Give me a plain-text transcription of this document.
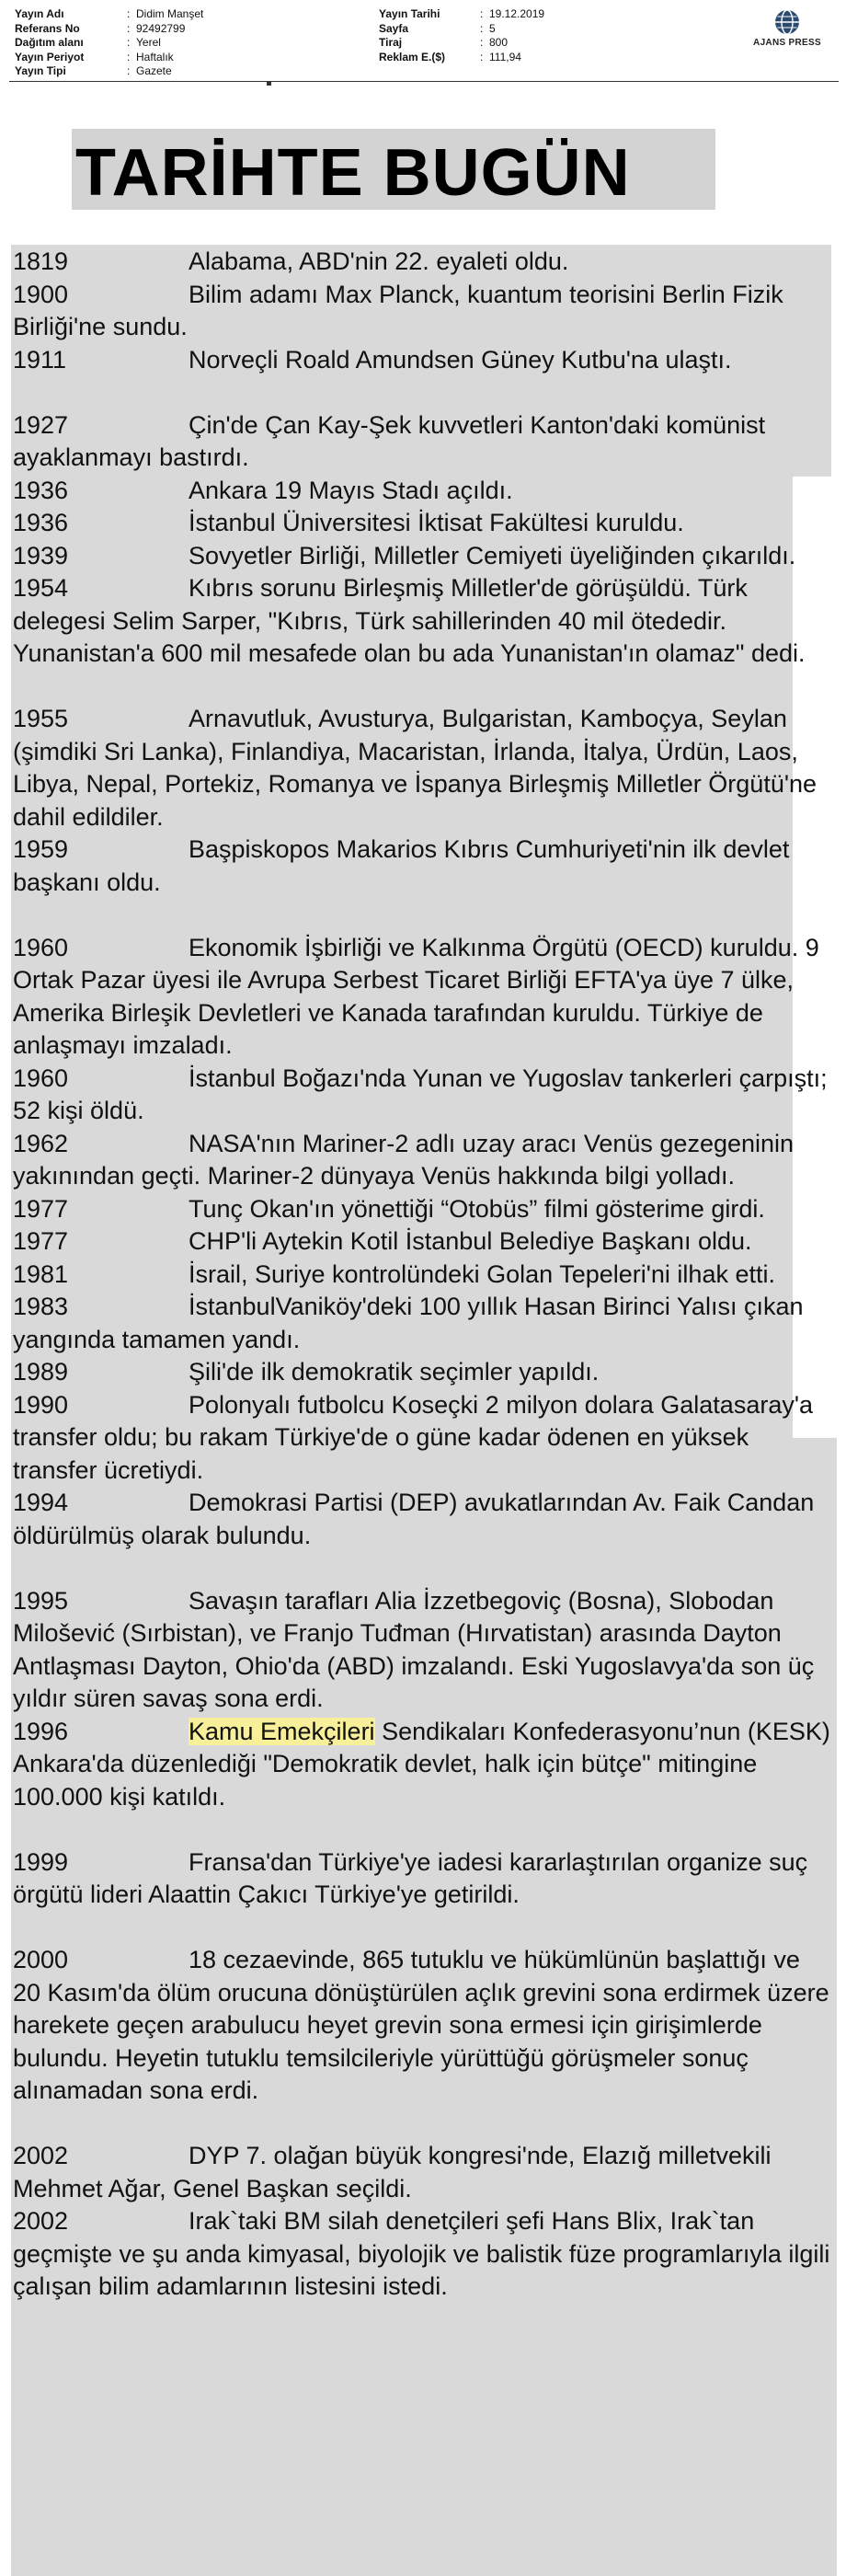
Yayın Adı	: Didim Manşet
Referans No	: 92492799
Dağıtım alanı	: Yerel
Yayın Periyot	: Haftalık
Yayın Tipi	: Gazete
Yayın Tarihi	: 19.12.2019
Sayfa	: 5
Tiraj	: 800
Reklam E.($)	: 111,94
AJANS PRESS
TARİHTE BUGÜN

1819	Alabama, ABD'nin 22. eyaleti oldu.

1900	Bilim adamı Max Planck, kuantum teorisini Berlin Fizik Birliği'ne sundu.

1911	Norveçli Roald Amundsen Güney Kutbu'na ulaştı.

1927	Çin'de Çan Kay-Şek kuvvetleri Kanton'daki komünist ayaklanmayı bastırdı.

1936	Ankara 19 Mayıs Stadı açıldı.

1936	İstanbul Üniversitesi İktisat Fakültesi kuruldu.

1939	Sovyetler Birliği, Milletler Cemiyeti üyeliğinden çıkarıldı.

1954	Kıbrıs sorunu Birleşmiş Milletler'de görüşüldü. Türk delegesi Selim Sarper, "Kıbrıs, Türk sahillerinden 40 mil ötededir. Yunanistan'a 600 mil mesafede olan bu ada Yunanistan'ın olamaz" dedi.

1955	Arnavutluk, Avusturya, Bulgaristan, Kamboçya, Seylan (şimdiki Sri Lanka), Finlandiya, Macaristan, İrlanda, İtalya, Ürdün, Laos, Libya, Nepal, Portekiz, Romanya ve İspanya Birleşmiş Milletler Örgütü'ne dahil edildiler.

1959	Başpiskopos Makarios Kıbrıs Cumhuriyeti'nin ilk devlet başkanı oldu.

1960	Ekonomik İşbirliği ve Kalkınma Örgütü (OECD) kuruldu. 9 Ortak Pazar üyesi ile Avrupa Serbest Ticaret Birliği EFTA'ya üye 7 ülke, Amerika Birleşik Devletleri ve Kanada tarafından kuruldu. Türkiye de anlaşmayı imzaladı.

1960	İstanbul Boğazı'nda Yunan ve Yugoslav tankerleri çarpıştı; 52 kişi öldü.

1962	NASA'nın Mariner-2 adlı uzay aracı Venüs gezegeninin yakınından geçti. Mariner-2 dünyaya Venüs hakkında bilgi yolladı.

1977	Tunç Okan'ın yönettiği “Otobüs” filmi gösterime girdi.

1977	CHP'li Aytekin Kotil İstanbul Belediye Başkanı oldu.

1981	İsrail, Suriye kontrolündeki Golan Tepeleri'ni ilhak etti.

1983	İstanbulVaniköy'deki 100 yıllık Hasan Birinci Yalısı çıkan yangında tamamen yandı.

1989	Şili'de ilk demokratik seçimler yapıldı.

1990	Polonyalı futbolcu Koseçki 2 milyon dolara Galatasaray'a transfer oldu; bu rakam Türkiye'de o güne kadar ödenen en yüksek transfer ücretiydi.

1994	Demokrasi Partisi (DEP) avukatlarından Av. Faik Candan öldürülmüş olarak bulundu.

1995	Savaşın tarafları Alia İzzetbegoviç (Bosna), Slobodan Milošević (Sırbistan), ve Franjo Tuđman (Hırvatistan) arasında Dayton Antlaşması Dayton, Ohio'da (ABD) imzalandı. Eski Yugoslavya'da son üç yıldır süren savaş sona erdi.

1996	Kamu Emekçileri Sendikaları Konfederasyonu’nun (KESK) Ankara'da düzenlediği "Demokratik devlet, halk için bütçe" mitingine 100.000 kişi katıldı.

1999	Fransa'dan Türkiye'ye iadesi kararlaştırılan organize suç örgütü lideri Alaattin Çakıcı Türkiye'ye getirildi.

2000	18 cezaevinde, 865 tutuklu ve hükümlünün başlattığı ve 20 Kasım'da ölüm orucuna dönüştürülen açlık grevini sona erdirmek üzere harekete geçen arabulucu heyet grevin sona ermesi için girişimlerde bulundu. Heyetin tutuklu temsilcileriyle yürüttüğü görüşmeler sonuç alınamadan sona erdi.

2002	DYP 7. olağan büyük kongresi'nde, Elazığ milletvekili Mehmet Ağar, Genel Başkan seçildi.

2002	Irak`taki BM silah denetçileri şefi Hans Blix, Irak`tan geçmişte ve şu anda kimyasal, biyolojik ve balistik füze programlarıyla ilgili çalışan bilim adamlarının listesini istedi.
